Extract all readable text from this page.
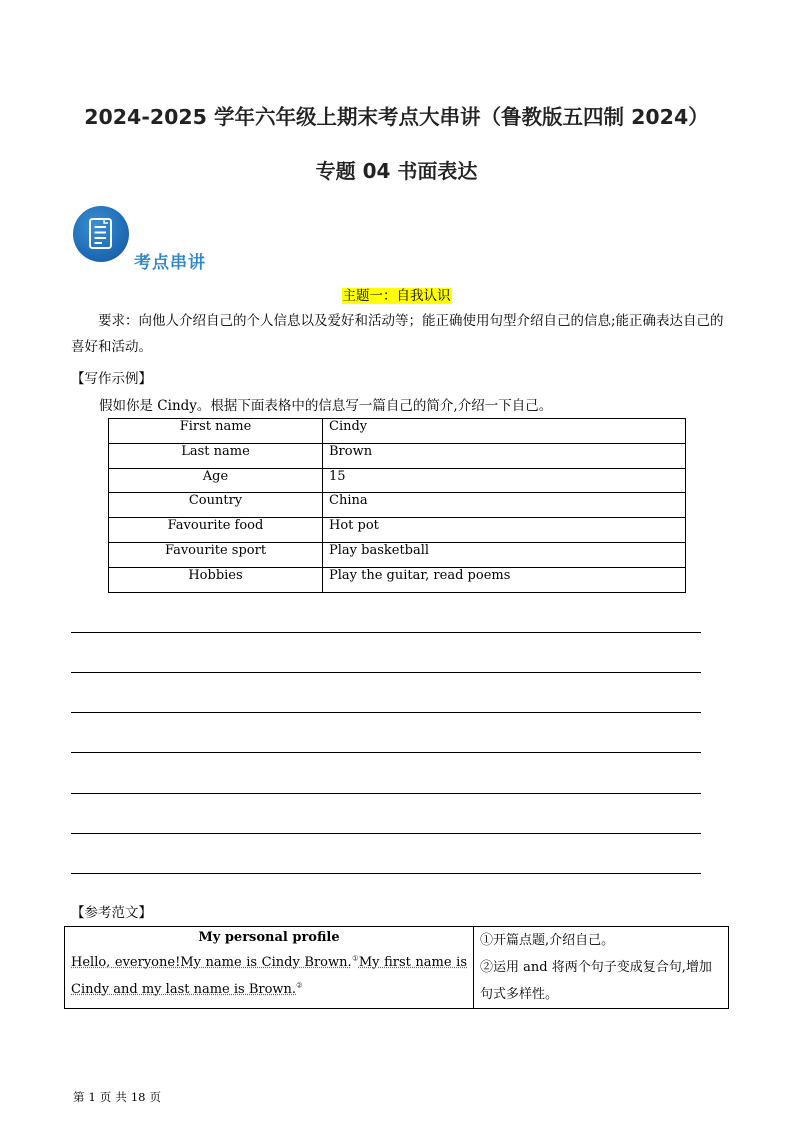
2024-2025 学年六年级上期末考点大串讲（鲁教版五四制 2024）
专题 04 书面表达
考点串讲
主题一：自我认识
要求：向他人介绍自己的个人信息以及爱好和活动等；能正确使用句型介绍自己的信息;能正确表达自己的喜好和活动。
【写作示例】
假如你是 Cindy。根据下面表格中的信息写一篇自己的简介,介绍一下自己。
First name	Cindy
Last name	Brown
Age	15
Country	China
Favourite food	Hot pot
Favourite sport	Play basketball
Hobbies	Play the guitar, read poems
【参考范文】
My personal profile
Hello, everyone!My name is Cindy Brown.①My first name is Cindy and my last name is Brown.②

①开篇点题,介绍自己。
②运用 and 将两个句子变成复合句,增加句式多样性。
第 1 页 共 18 页
